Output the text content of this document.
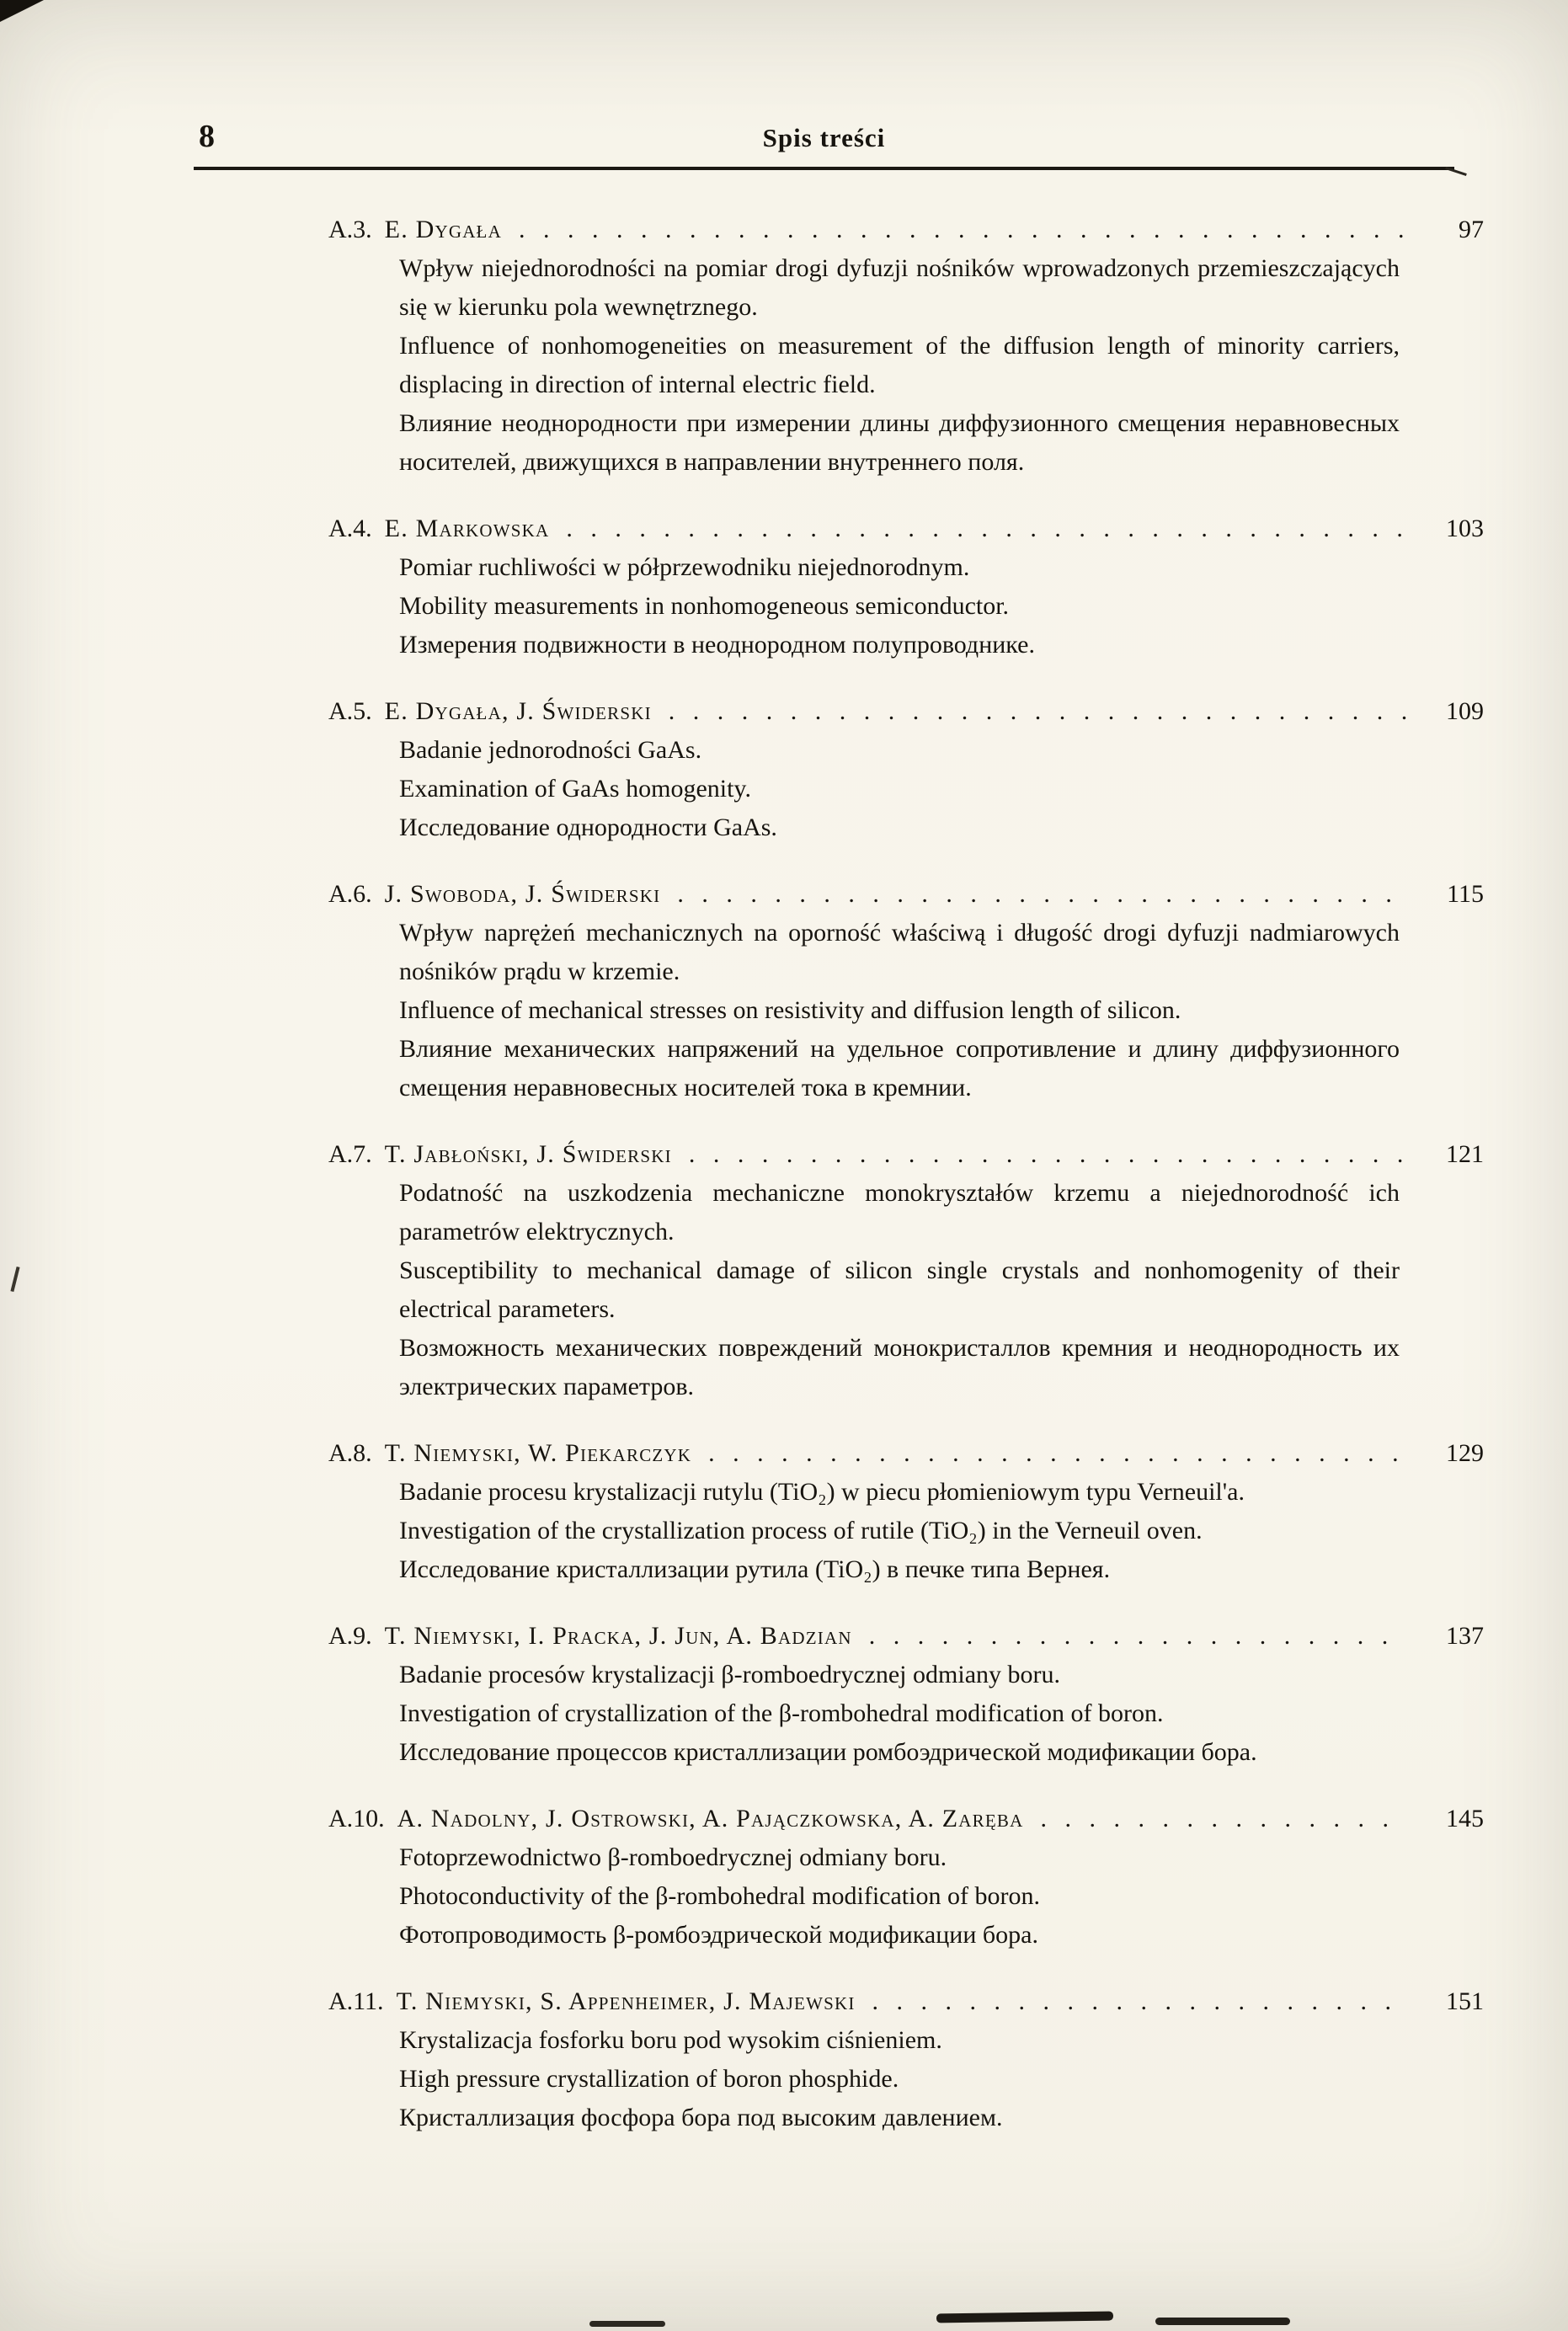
8	Spis treści
A.3. E. Dygała . . .	97

Wpływ niejednorodności na pomiar drogi dyfuzji nośników wprowadzonych przemieszczających się w kierunku pola wewnętrznego.

Influence of nonhomogeneities on measurement of the diffusion length of minority carriers, displacing in direction of internal electric field.

Влияние неоднородности при измерении длины диффузионного смещения неравновесных носителей, движущихся в направлении внутреннего поля.

A.4. E. Markowska . . .	103

Pomiar ruchliwości w półprzewodniku niejednorodnym.

Mobility measurements in nonhomogeneous semiconductor.

Измерения подвижности в неоднородном полупроводнике.

A.5. E. Dygała, J. Świderski . . .	109

Badanie jednorodności GaAs.

Examination of GaAs homogenity.

Исследование однородности GaAs.

A.6. J. Swoboda, J. Świderski . . .	115

Wpływ naprężeń mechanicznych na oporność właściwą i długość drogi dyfuzji nadmiarowych nośników prądu w krzemie.

Influence of mechanical stresses on resistivity and diffusion length of silicon.

Влияние механических напряжений на удельное сопротивление и длину диффузионного смещения неравновесных носителей тока в кремнии.

A.7. T. Jabłoński, J. Świderski . . .	121

Podatność na uszkodzenia mechaniczne monokryształów krzemu a niejednorodność ich parametrów elektrycznych.

Susceptibility to mechanical damage of silicon single crystals and nonhomogenity of their electrical parameters.

Возможность механических повреждений монокристаллов кремния и неоднородность их электрических параметров.

A.8. T. Niemyski, W. Piekarczyk . . .	129

Badanie procesu krystalizacji rutylu (TiO₂) w piecu płomieniowym typu Verneuil'a.

Investigation of the crystallization process of rutile (TiO₂) in the Verneuil oven.

Исследование кристаллизации рутила (TiO₂) в печке типа Вернея.

A.9. T. Niemyski, I. Pracka, J. Jun, A. Badzian . . .	137

Badanie procesów krystalizacji β-romboedrycznej odmiany boru.

Investigation of crystallization of the β-rombohedral modification of boron.

Исследование процессов кристаллизации ромбоэдрической модификации бора.

A.10. A. Nadolny, J. Ostrowski, A. Pajączkowska, A. Zaręba . . .	145

Fotoprzewodnictwo β-romboedrycznej odmiany boru.

Photoconductivity of the β-rombohedral modification of boron.

Фотопроводимость β-ромбоэдрической модификации бора.

A.11. T. Niemyski, S. Appenheimer, J. Majewski . . .	151

Krystalizacja fosforku boru pod wysokim ciśnieniem.

High pressure crystallization of boron phosphide.

Кристаллизация фосфора бора под высоким давлением.
